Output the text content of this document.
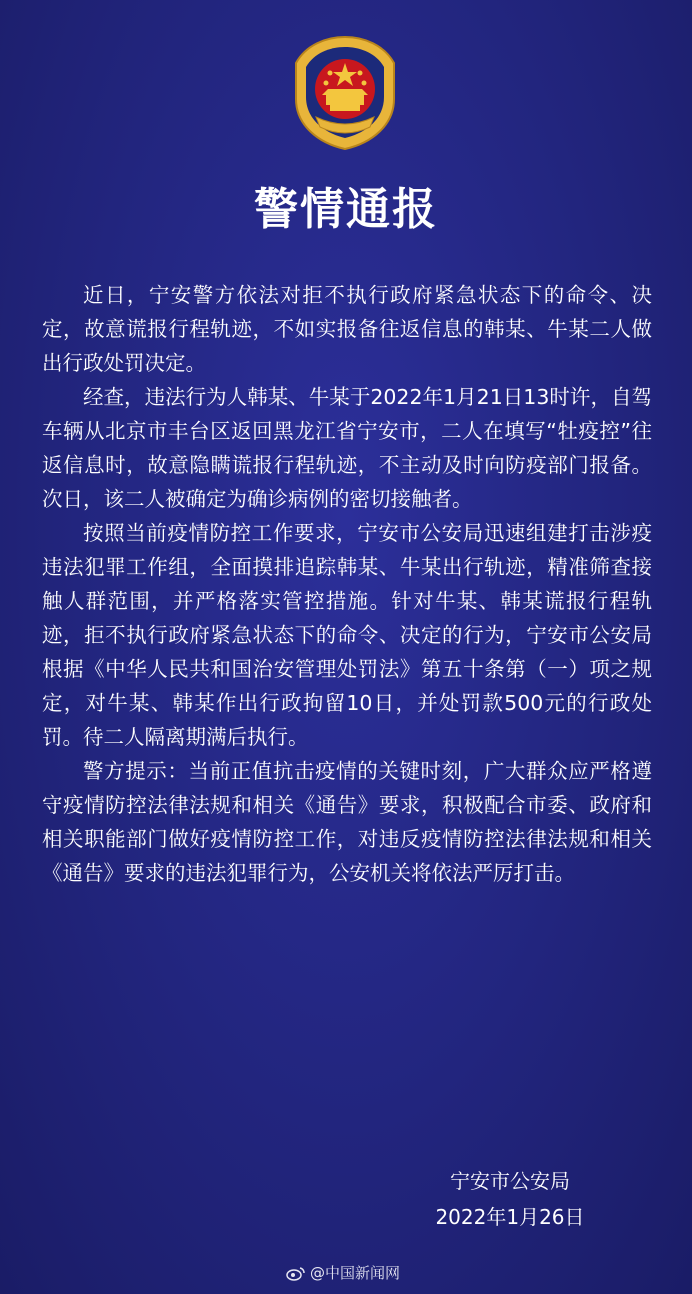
警情通报

近日，宁安警方依法对拒不执行政府紧急状态下的命令、决定，故意谎报行程轨迹，不如实报备往返信息的韩某、牛某二人做出行政处罚决定。

经查，违法行为人韩某、牛某于2022年1月21日13时许，自驾车辆从北京市丰台区返回黑龙江省宁安市，二人在填写“牡疫控”往返信息时，故意隐瞒谎报行程轨迹，不主动及时向防疫部门报备。次日，该二人被确定为确诊病例的密切接触者。

按照当前疫情防控工作要求，宁安市公安局迅速组建打击涉疫违法犯罪工作组，全面摸排追踪韩某、牛某出行轨迹，精准筛查接触人群范围，并严格落实管控措施。针对牛某、韩某谎报行程轨迹，拒不执行政府紧急状态下的命令、决定的行为，宁安市公安局根据《中华人民共和国治安管理处罚法》第五十条第（一）项之规定，对牛某、韩某作出行政拘留10日，并处罚款500元的行政处罚。待二人隔离期满后执行。

警方提示：当前正值抗击疫情的关键时刻，广大群众应严格遵守疫情防控法律法规和相关《通告》要求，积极配合市委、政府和相关职能部门做好疫情防控工作，对违反疫情防控法律法规和相关《通告》要求的违法犯罪行为，公安机关将依法严厉打击。

宁安市公安局
2022年1月26日
@中国新闻网
